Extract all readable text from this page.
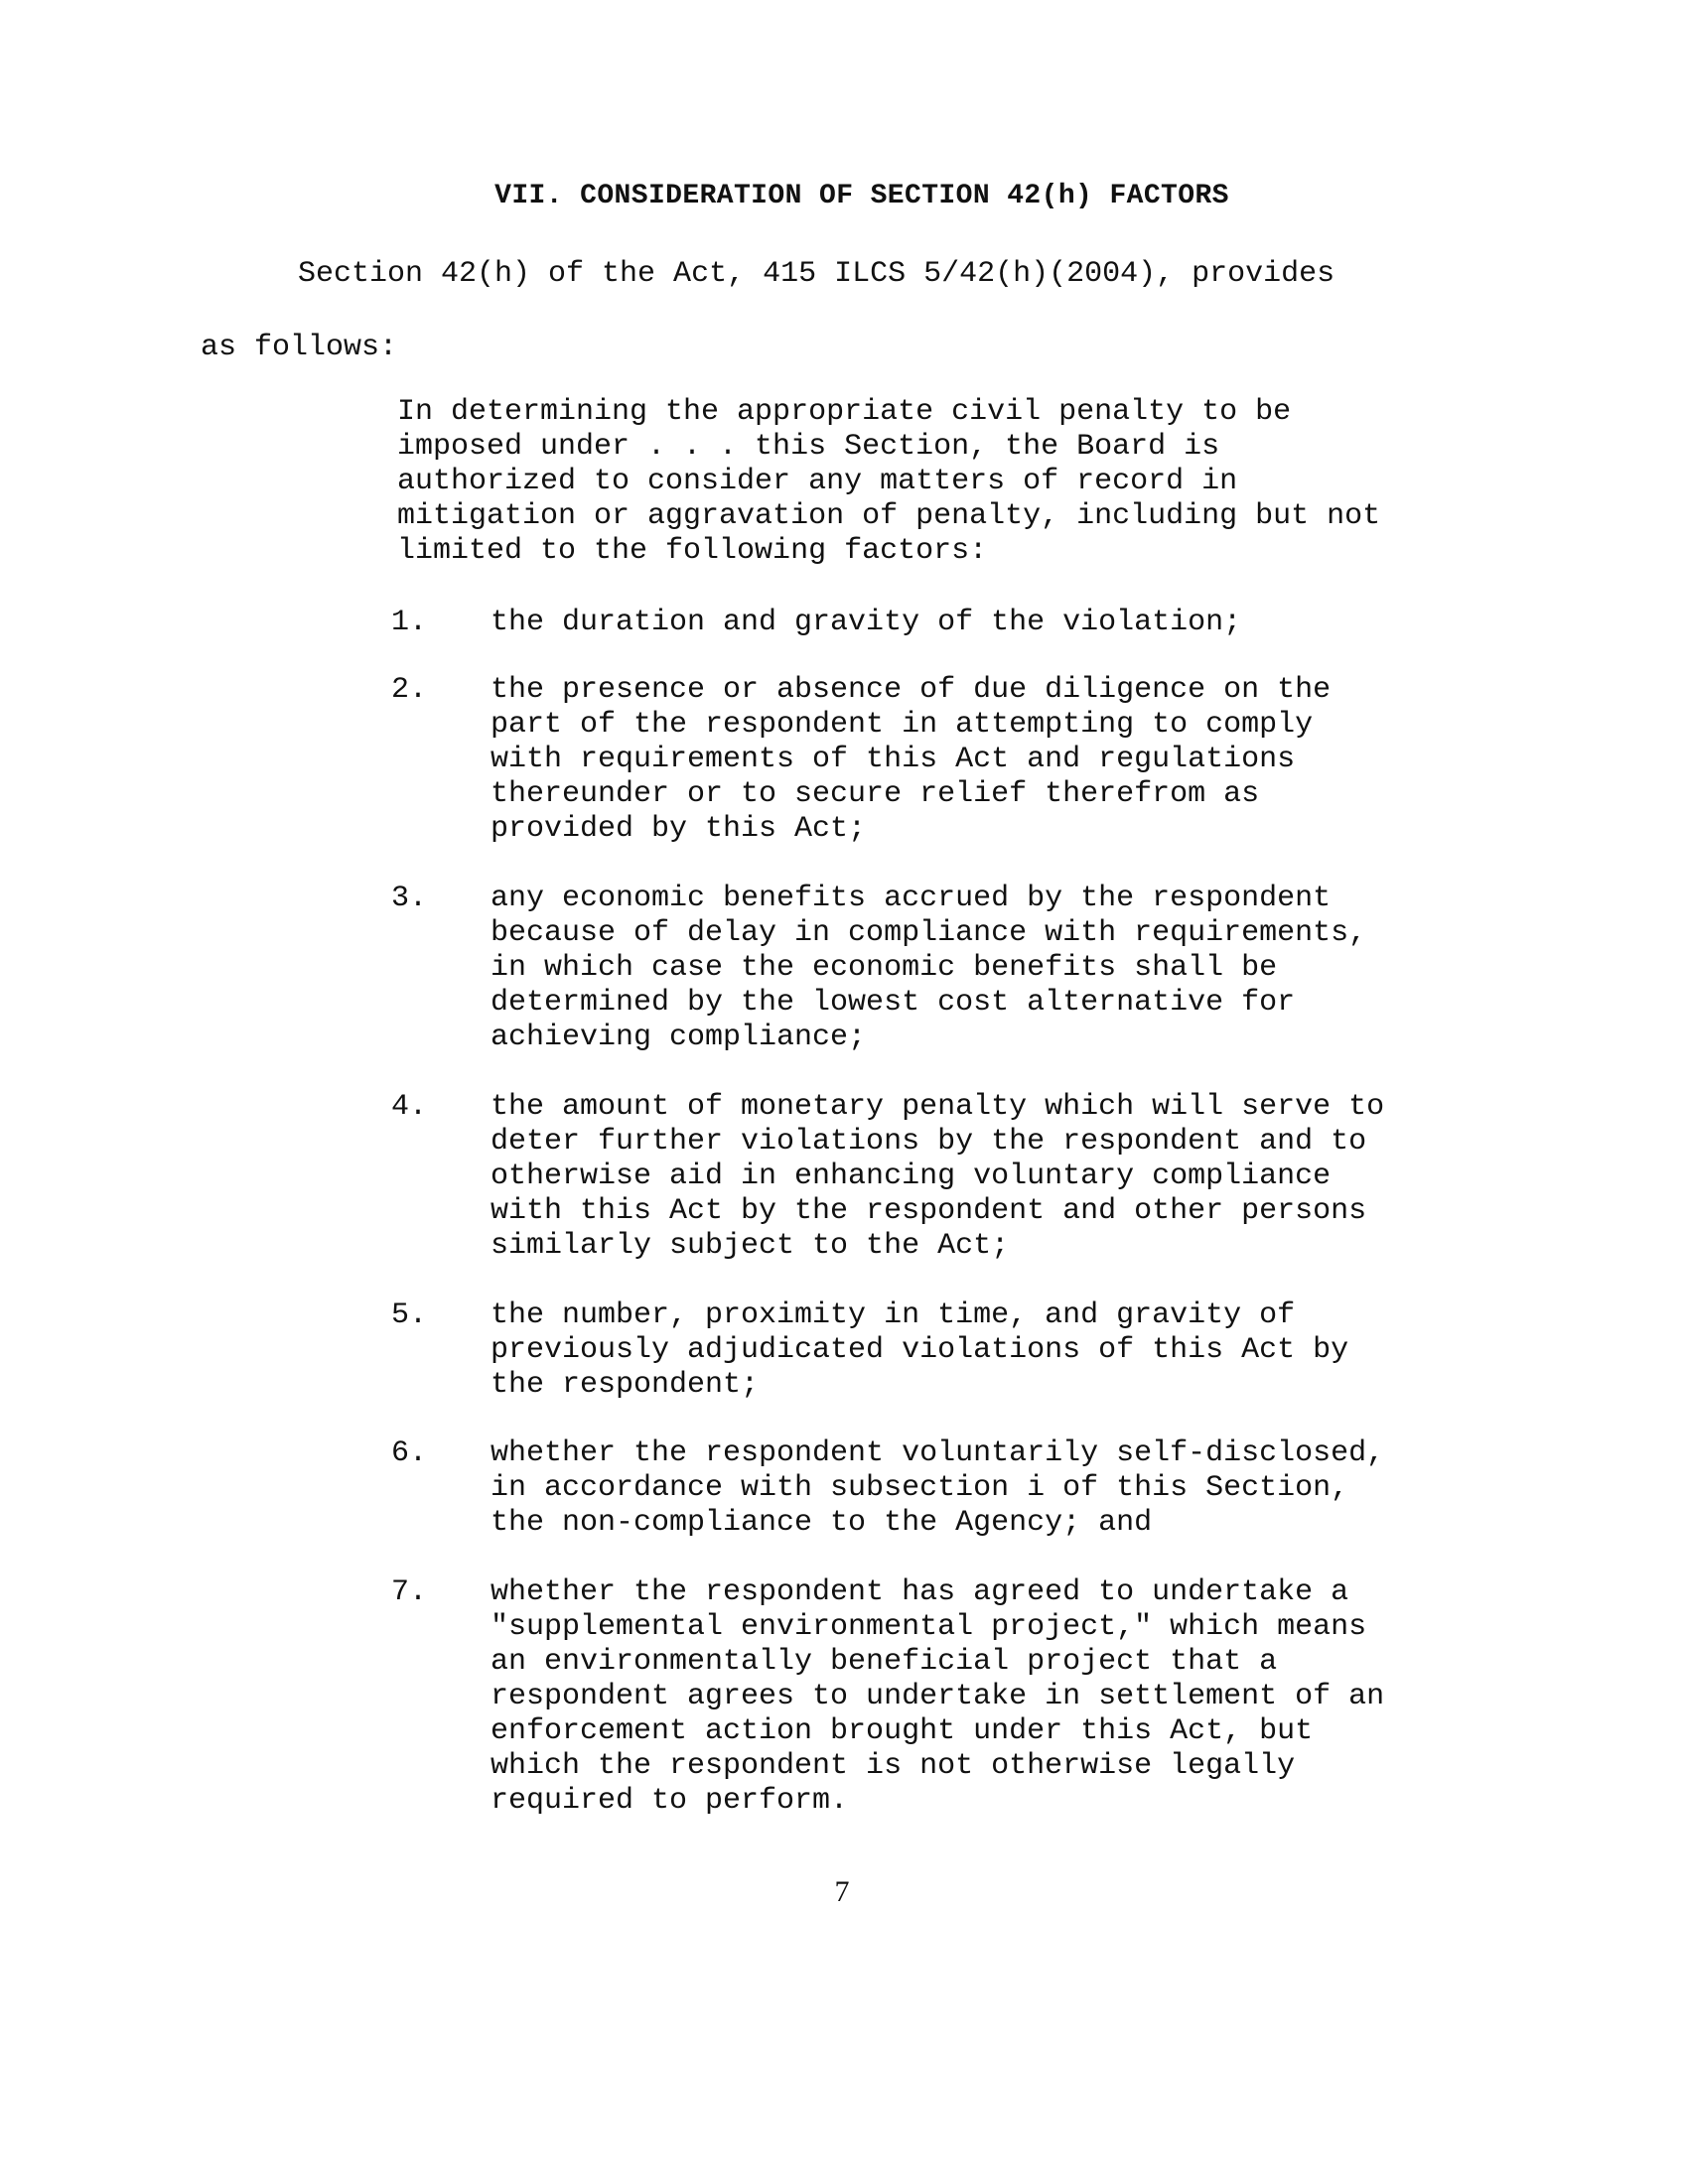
VII. CONSIDERATION OF SECTION 42(h) FACTORS
Section 42(h) of the Act, 415 ILCS 5/42(h)(2004), provides
as follows:
In determining the appropriate civil penalty to be
imposed under . . . this Section, the Board is
authorized to consider any matters of record in
mitigation or aggravation of penalty, including but not
limited to the following factors:
1. the duration and gravity of the violation;
2. the presence or absence of due diligence on the
part of the respondent in attempting to comply
with requirements of this Act and regulations
thereunder or to secure relief therefrom as
provided by this Act;
3. any economic benefits accrued by the respondent
because of delay in compliance with requirements,
in which case the economic benefits shall be
determined by the lowest cost alternative for
achieving compliance;
4. the amount of monetary penalty which will serve to
deter further violations by the respondent and to
otherwise aid in enhancing voluntary compliance
with this Act by the respondent and other persons
similarly subject to the Act;
5. the number, proximity in time, and gravity of
previously adjudicated violations of this Act by
the respondent;
6. whether the respondent voluntarily self-disclosed,
in accordance with subsection i of this Section,
the non-compliance to the Agency; and
7. whether the respondent has agreed to undertake a
"supplemental environmental project," which means
an environmentally beneficial project that a
respondent agrees to undertake in settlement of an
enforcement action brought under this Act, but
which the respondent is not otherwise legally
required to perform.
7
